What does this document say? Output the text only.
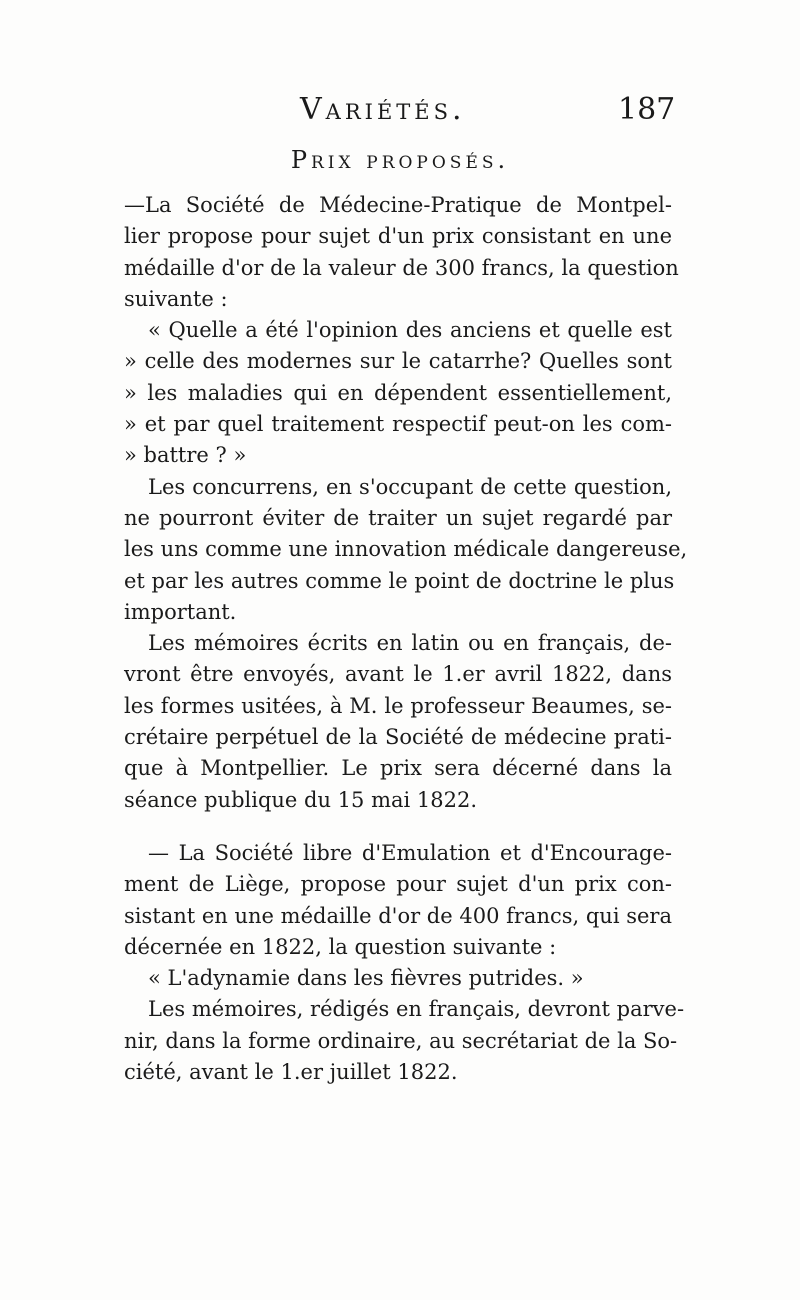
Variétés.	187
Prix proposés.
—La Société de Médecine-Pratique de Montpel-
lier propose pour sujet d'un prix consistant en une
médaille d'or de la valeur de 300 francs, la question
suivante :
« Quelle a été l'opinion des anciens et quelle est
» celle des modernes sur le catarrhe? Quelles sont
» les maladies qui en dépendent essentiellement,
» et par quel traitement respectif peut-on les com-
» battre ? »
Les concurrens, en s'occupant de cette question,
ne pourront éviter de traiter un sujet regardé par
les uns comme une innovation médicale dangereuse,
et par les autres comme le point de doctrine le plus
important.
Les mémoires écrits en latin ou en français, de-
vront être envoyés, avant le 1.er avril 1822, dans
les formes usitées, à M. le professeur Beaumes, se-
crétaire perpétuel de la Société de médecine prati-
que à Montpellier. Le prix sera décerné dans la
séance publique du 15 mai 1822.
— La Société libre d'Emulation et d'Encourage-
ment de Liège, propose pour sujet d'un prix con-
sistant en une médaille d'or de 400 francs, qui sera
décernée en 1822, la question suivante :
« L'adynamie dans les fièvres putrides. »
Les mémoires, rédigés en français, devront parve-
nir, dans la forme ordinaire, au secrétariat de la So-
ciété, avant le 1.er juillet 1822.
